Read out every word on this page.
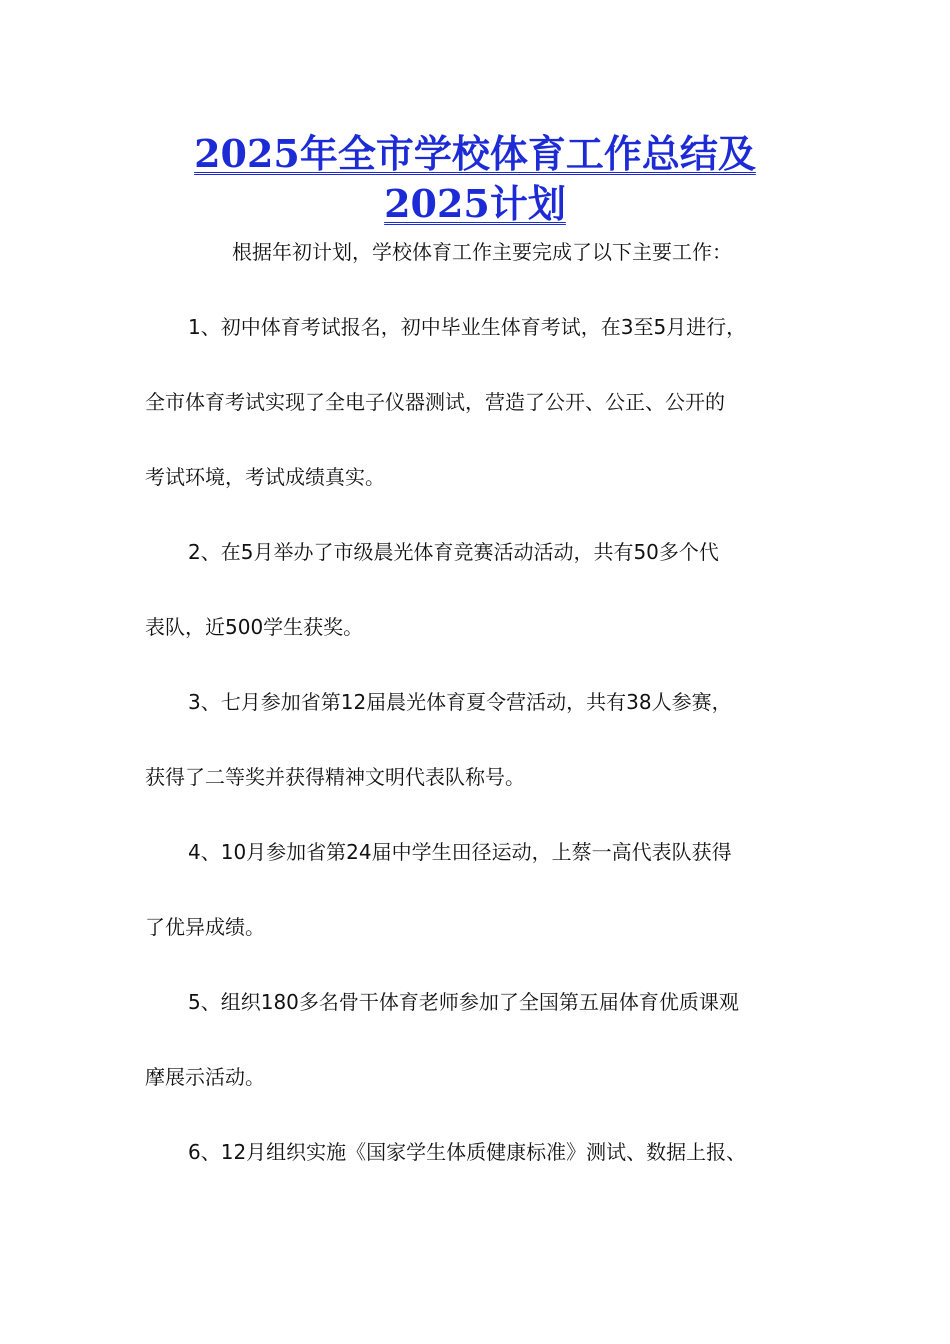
2025年全市学校体育工作总结及
2025计划

根据年初计划，学校体育工作主要完成了以下主要工作：

1、初中体育考试报名，初中毕业生体育考试，在3至5月进行，

全市体育考试实现了全电子仪器测试，营造了公开、公正、公开的

考试环境，考试成绩真实。

2、在5月举办了市级晨光体育竞赛活动活动，共有50多个代

表队，近500学生获奖。

3、七月参加省第12届晨光体育夏令营活动，共有38人参赛，

获得了二等奖并获得精神文明代表队称号。

4、10月参加省第24届中学生田径运动，上蔡一高代表队获得

了优异成绩。

5、组织180多名骨干体育老师参加了全国第五届体育优质课观

摩展示活动。

6、12月组织实施《国家学生体质健康标准》测试、数据上报、
